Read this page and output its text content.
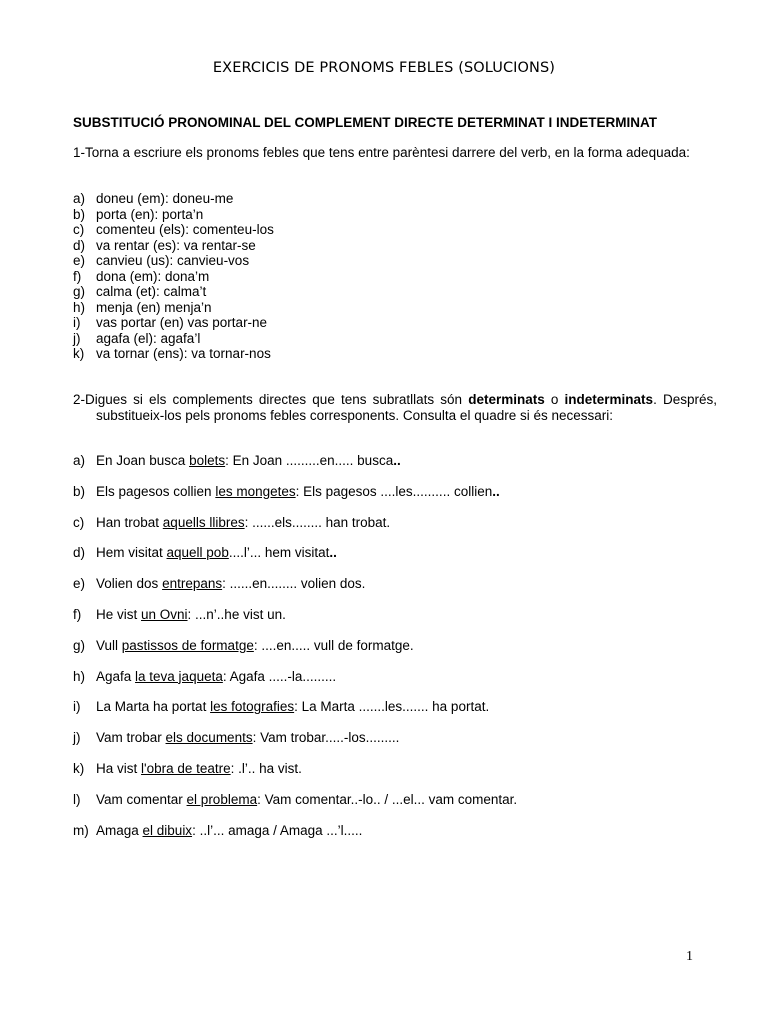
EXERCICIS DE PRONOMS FEBLES (SOLUCIONS)
SUBSTITUCIÓ PRONOMINAL DEL COMPLEMENT DIRECTE DETERMINAT I INDETERMINAT
1-Torna a escriure els pronoms febles que tens entre parèntesi darrere del verb, en la forma adequada:
a) doneu (em): doneu-me
b) porta (en): porta’n
c) comenteu (els): comenteu-los
d) va rentar (es): va rentar-se
e) canvieu (us): canvieu-vos
f)	dona (em): dona’m
g) calma (et): calma’t
h) menja (en) menja’n
i)	vas portar (en) vas portar-ne
j)	agafa (el): agafa’l
k) va tornar (ens): va tornar-nos
2-Digues si els complements directes que tens subratllats són determinats o indeterminats. Després, substitueix-los pels pronoms febles corresponents. Consulta el quadre si és necessari:
a) En Joan busca bolets: En Joan .........en..... busca..
b) Els pagesos collien les mongetes: Els pagesos ....les.......... collien..
c) Han trobat aquells llibres: ......els........ han trobat.
d) Hem visitat aquell pob....l’... hem visitat..
e) Volien dos entrepans: ......en........ volien dos.
f)	He vist un Ovni: ...n’..he vist un.
g) Vull pastissos de formatge: ....en..... vull de formatge.
h) Agafa la teva jaqueta: Agafa .....-la.........
i)	La Marta ha portat les fotografies: La Marta .......les....... ha portat.
j)	Vam trobar els documents: Vam trobar.....-los.........
k) Ha vist l'obra de teatre: .l’.. ha vist.
l)	Vam comentar el problema: Vam comentar..-lo.. / ...el... vam comentar.
m) Amaga el dibuix: ..l’... amaga / Amaga ...’l.....
1
